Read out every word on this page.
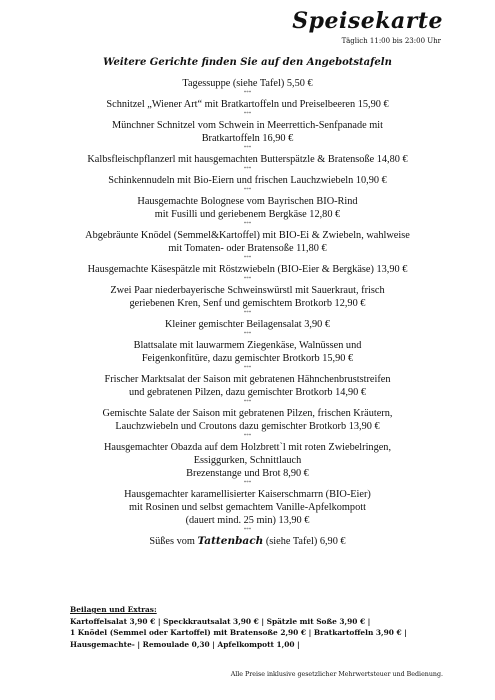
Speisekarte
Täglich 11:00 bis 23:00 Uhr
Weitere Gerichte finden Sie auf den Angebotstafeln
Tagessuppe (siehe Tafel) 5,50 €
***
Schnitzel „Wiener Art“ mit Bratkartoffeln und Preiselbeeren 15,90 €
***
Münchner Schnitzel vom Schwein in Meerrettich-Senfpanade mit
Bratkartoffeln 16,90 €
***
Kalbsfleischpflanzerl mit hausgemachten Butterspätzle & Bratensoße 14,80 €
***
Schinkennudeln mit Bio-Eiern und frischen Lauchzwiebeln 10,90 €
***
Hausgemachte Bolognese vom Bayrischen BIO-Rind
mit Fusilli und geriebenem Bergkäse 12,80 €
***
Abgebräunte Knödel (Semmel&Kartoffel) mit BIO-Ei & Zwiebeln, wahlweise
mit Tomaten- oder Bratensoße 11,80 €
***
Hausgemachte Käsespätzle mit Röstzwiebeln (BIO-Eier & Bergkäse) 13,90 €
***
Zwei Paar niederbayerische Schweinswürstl mit Sauerkraut, frisch
geriebenen Kren, Senf und gemischtem Brotkorb 12,90 €
***
Kleiner gemischter Beilagensalat 3,90 €
***
Blattsalate mit lauwarmem Ziegenkäse, Walnüssen und
Feigenkonfitüre, dazu gemischter Brotkorb 15,90 €
***
Frischer Marktsalat der Saison mit gebratenen Hähnchenbruststreifen
und gebratenen Pilzen, dazu gemischter Brotkorb 14,90 €
***
Gemischte Salate der Saison mit gebratenen Pilzen, frischen Kräutern,
Lauchzwiebeln und Croutons dazu gemischter Brotkorb 13,90 €
***
Hausgemachter Obazda auf dem Holzbrett`l mit roten Zwiebelringen,
Essiggurken, Schnittlauch
Brezenstange und Brot 8,90 €
***
Hausgemachter karamellisierter Kaiserschmarrn (BIO-Eier)
mit Rosinen und selbst gemachtem Vanille-Apfelkompott
(dauert mind. 25 min) 13,90 €
***
Süßes vom Tattenbach (siehe Tafel) 6,90 €
Beilagen und Extras:
Kartoffelsalat 3,90 € | Speckkrautsalat 3,90 € | Spätzle mit Soße 3,90 € |
1 Knödel (Semmel oder Kartoffel) mit Bratensoße 2,90 € | Bratkartoffeln 3,90 € |
Hausgemachte- | Remoulade 0,30 | Apfelkompott 1,00 |
Alle Preise inklusive gesetzlicher Mehrwertsteuer und Bedienung.
